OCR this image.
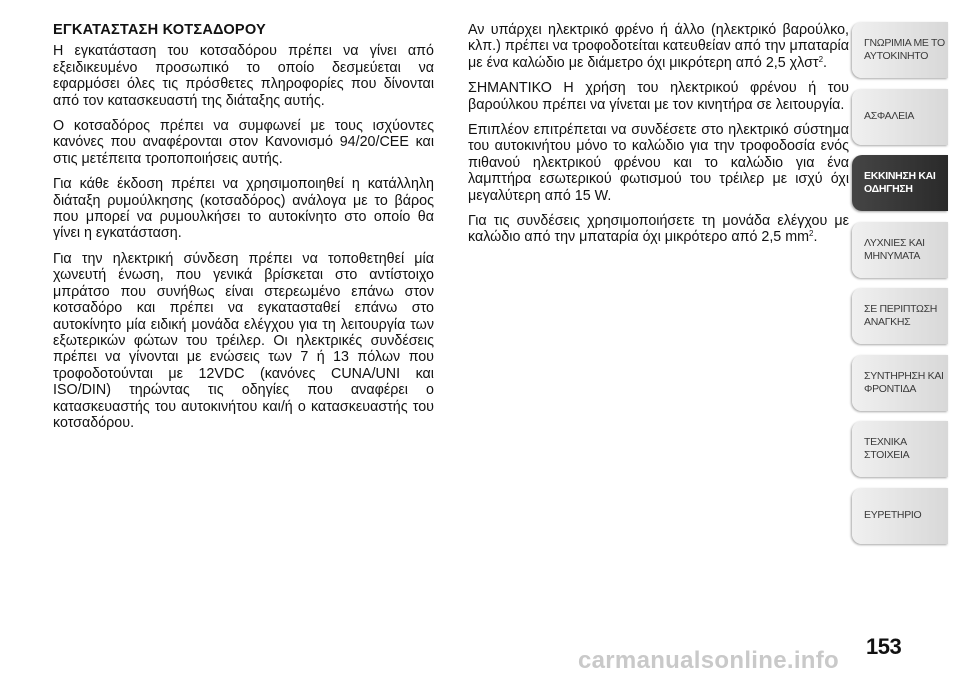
ΕΓΚΑΤΑΣΤΑΣΗ ΚΟΤΣΑΔΟΡΟΥ

Η εγκατάσταση του κοτσαδόρου πρέπει να γίνει από εξειδικευμένο προσωπικό το οποίο δεσμεύεται να εφαρμόσει όλες τις πρόσθετες πληροφορίες που δίνονται από τον κατασκευαστή της διάταξης αυτής.

Ο κοτσαδόρος πρέπει να συμφωνεί με τους ισχύοντες κανόνες που αναφέρονται στον Κανονισμό 94/20/CEE και στις μετέπειτα τροποποιήσεις αυτής.

Για κάθε έκδοση πρέπει να χρησιμοποιηθεί η κατάλληλη διάταξη ρυμούλκησης (κοτσαδόρος) ανάλογα με το βάρος που μπορεί να ρυμουλκήσει το αυτοκίνητο στο οποίο θα γίνει η εγκατάσταση.

Για την ηλεκτρική σύνδεση πρέπει να τοποθετηθεί μία χωνευτή ένωση, που γενικά βρίσκεται στο αντίστοιχο μπράτσο που συνήθως είναι στερεωμένο επάνω στον κοτσαδόρο και πρέπει να εγκατασταθεί επάνω στο αυτοκίνητο μία ειδική μονάδα ελέγχου για τη λειτουργία των εξωτερικών φώτων του τρέιλερ. Οι ηλεκτρικές συνδέσεις πρέπει να γίνονται με ενώσεις των 7 ή 13 πόλων που τροφοδοτούνται με 12VDC (κανόνες CUNA/UNI και ISO/DIN) τηρώντας τις οδηγίες που αναφέρει ο κατασκευαστής του αυτοκινήτου και/ή ο κατασκευαστής του κοτσαδόρου.

Αν υπάρχει ηλεκτρικό φρένο ή άλλο (ηλεκτρικό βαρούλκο, κλπ.) πρέπει να τροφοδοτείται κατευθείαν από την μπαταρία με ένα καλώδιο με διάμετρο όχι μικρότερη από 2,5 χλστ$^2$.

ΣΗΜΑΝΤΙΚΟ Η χρήση του ηλεκτρικού φρένου ή του βαρούλκου πρέπει να γίνεται με τον κινητήρα σε λειτουργία.

Επιπλέον επιτρέπεται να συνδέσετε στο ηλεκτρικό σύστημα του αυτοκινήτου μόνο το καλώδιο για την τροφοδοσία ενός πιθανού ηλεκτρικού φρένου και το καλώδιο για ένα λαμπτήρα εσωτερικού φωτισμού του τρέιλερ με ισχύ όχι μεγαλύτερη από 15 W.

Για τις συνδέσεις χρησιμοποιήσετε τη μονάδα ελέγχου με καλώδιο από την μπαταρία όχι μικρότερο από 2,5 $mm^2$.

ΓΝΩΡΙΜΙΑ ΜΕ ΤΟ
ΑΥΤΟΚΙΝΗΤΟ
ΑΣΦΑΛΕΙΑ
ΕΚΚΙΝΗΣΗ ΚΑΙ
ΟΔΗΓΗΣΗ
ΛΥΧΝΙΕΣ ΚΑΙ
ΜΗΝΥΜΑΤΑ
ΣΕ ΠΕΡΙΠΤΩΣΗ
ΑΝΑΓΚΗΣ
ΣΥΝΤΗΡΗΣΗ ΚΑΙ
ΦΡΟΝΤΙΔΑ
ΤΕΧΝΙΚΑ ΣΤΟΙΧΕΙΑ
ΕΥΡΕΤΗΡΙΟ
153
carmanualsonline.info
